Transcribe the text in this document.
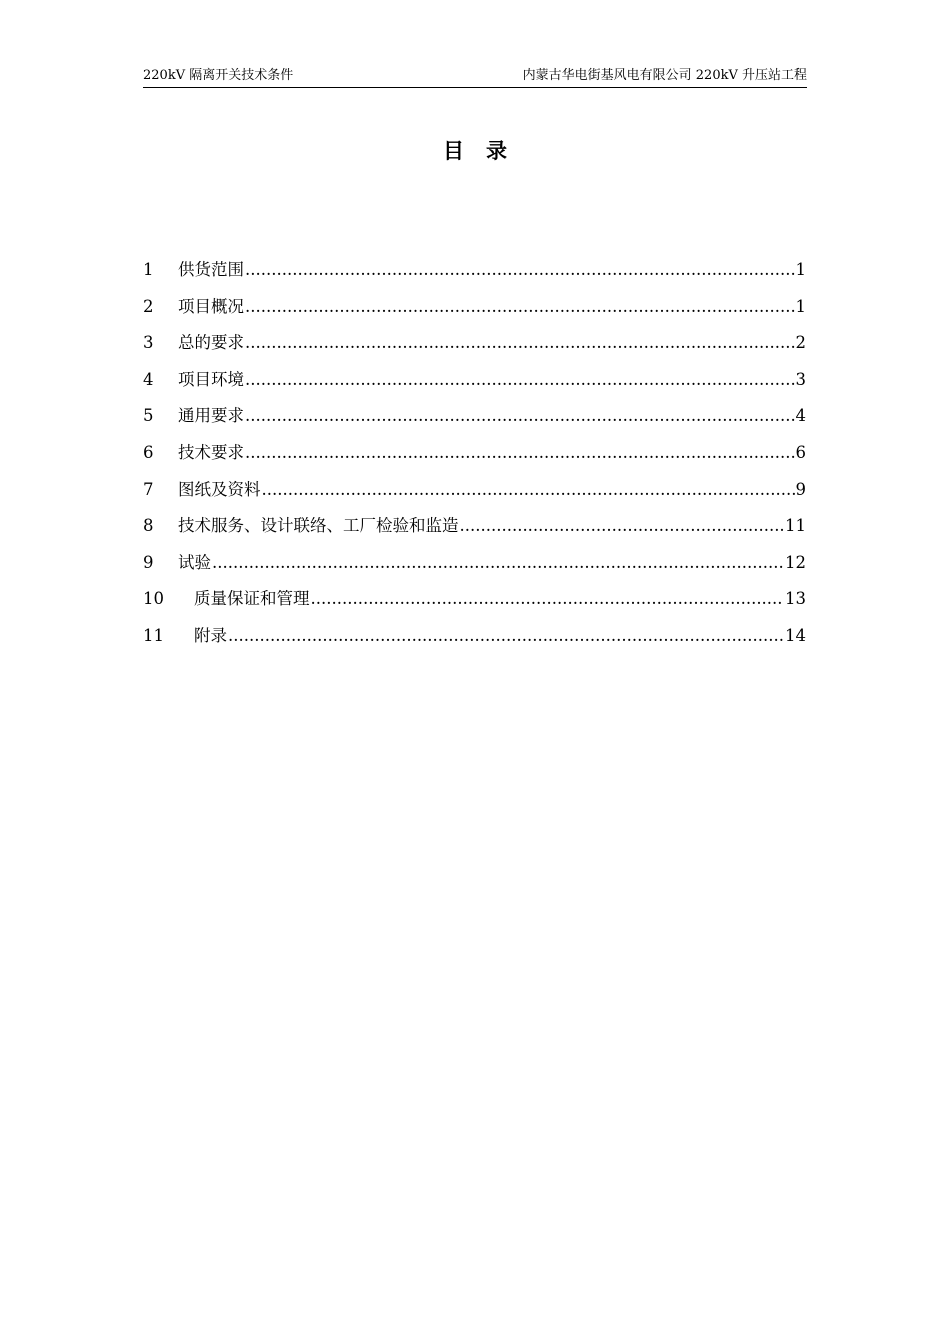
220kV 隔离开关技术条件	内蒙古华电街基风电有限公司 220kV 升压站工程
目录
1	供货范围 .....	1
2	项目概况 .....	1
3	总的要求 .....	2
4	项目环境 .....	3
5	通用要求 .....	4
6	技术要求 .....	6
7	图纸及资料 .....	9
8	技术服务、设计联络、工厂检验和监造 .....	11
9	试验 .....	12
10	质量保证和管理 .....	13
11	附录 .....	14
